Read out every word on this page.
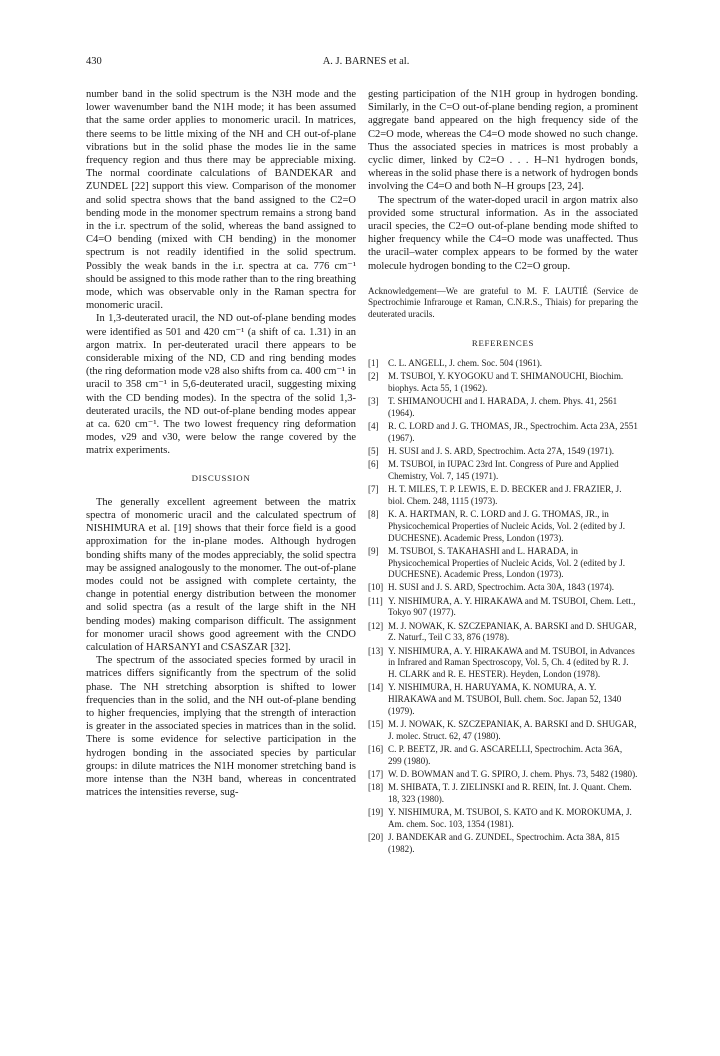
430	A. J. BARNES et al.

number band in the solid spectrum is the N3H mode and the lower wavenumber band the N1H mode; it has been assumed that the same order applies to monomeric uracil. In matrices, there seems to be little mixing of the NH and CH out-of-plane vibrations but in the solid phase the modes lie in the same frequency region and thus there may be appreciable mixing. The normal coordinate calculations of BANDEKAR and ZUNDEL [22] support this view. Comparison of the monomer and solid spectra shows that the band assigned to the C2=O bending mode in the monomer spectrum remains a strong band in the i.r. spectrum of the solid, whereas the band assigned to C4=O bending (mixed with CH bending) in the monomer spectrum is not readily identified in the solid spectrum. Possibly the weak bands in the i.r. spectra at ca. 776 cm⁻¹ should be assigned to this mode rather than to the ring breathing mode, which was observable only in the Raman spectra for monomeric uracil.

In 1,3-deuterated uracil, the ND out-of-plane bending modes were identified as 501 and 420 cm⁻¹ (a shift of ca. 1.31) in an argon matrix. In per-deuterated uracil there appears to be considerable mixing of the ND, CD and ring bending modes (the ring deformation mode ν28 also shifts from ca. 400 cm⁻¹ in uracil to 358 cm⁻¹ in 5,6-deuterated uracil, suggesting mixing with the CD bending modes). In the spectra of the solid 1,3-deuterated uracils, the ND out-of-plane bending modes appear at ca. 620 cm⁻¹. The two lowest frequency ring deformation modes, ν29 and ν30, were below the range covered by the matrix experiments.

DISCUSSION

The generally excellent agreement between the matrix spectra of monomeric uracil and the calculated spectrum of NISHIMURA et al. [19] shows that their force field is a good approximation for the in-plane modes. Although hydrogen bonding shifts many of the modes appreciably, the solid spectra may be assigned analogously to the monomer. The out-of-plane modes could not be assigned with complete certainty, the change in potential energy distribution between the monomer and solid spectra (as a result of the large shift in the NH bending modes) making comparison difficult. The assignment for monomer uracil shows good agreement with the CNDO calculation of HARSANYI and CSASZAR [32].

The spectrum of the associated species formed by uracil in matrices differs significantly from the spectrum of the solid phase. The NH stretching absorption is shifted to lower frequencies than in the solid, and the NH out-of-plane bending to higher frequencies, implying that the strength of interaction is greater in the associated species in matrices than in the solid. There is some evidence for selective participation in the hydrogen bonding in the associated species by particular groups: in dilute matrices the N1H monomer stretching band is more intense than the N3H band, whereas in concentrated matrices the intensities reverse, sug-

gesting participation of the N1H group in hydrogen bonding. Similarly, in the C=O out-of-plane bending region, a prominent aggregate band appeared on the high frequency side of the C2=O mode, whereas the C4=O mode showed no such change. Thus the associated species in matrices is most probably a cyclic dimer, linked by C2=O . . . H–N1 hydrogen bonds, whereas in the solid phase there is a network of hydrogen bonds involving the C4=O and both N–H groups [23, 24].

The spectrum of the water-doped uracil in argon matrix also provided some structural information. As in the associated uracil species, the C2=O out-of-plane bending mode shifted to higher frequency while the C4=O mode was unaffected. Thus the uracil–water complex appears to be formed by the water molecule hydrogen bonding to the C2=O group.

Acknowledgement—We are grateful to M. F. LAUTIÉ (Service de Spectrochimie Infrarouge et Raman, C.N.R.S., Thiais) for preparing the deuterated uracils.

REFERENCES
[1] C. L. ANGELL, J. chem. Soc. 504 (1961).
[2] M. TSUBOI, Y. KYOGOKU and T. SHIMANOUCHI, Biochim. biophys. Acta 55, 1 (1962).
[3] T. SHIMANOUCHI and I. HARADA, J. chem. Phys. 41, 2561 (1964).
[4] R. C. LORD and J. G. THOMAS, JR., Spectrochim. Acta 23A, 2551 (1967).
[5] H. SUSI and J. S. ARD, Spectrochim. Acta 27A, 1549 (1971).
[6] M. TSUBOI, in IUPAC 23rd Int. Congress of Pure and Applied Chemistry, Vol. 7, 145 (1971).
[7] H. T. MILES, T. P. LEWIS, E. D. BECKER and J. FRAZIER, J. biol. Chem. 248, 1115 (1973).
[8] K. A. HARTMAN, R. C. LORD and J. G. THOMAS, JR., in Physicochemical Properties of Nucleic Acids, Vol. 2 (edited by J. DUCHESNE). Academic Press, London (1973).
[9] M. TSUBOI, S. TAKAHASHI and L. HARADA, in Physicochemical Properties of Nucleic Acids, Vol. 2 (edited by J. DUCHESNE). Academic Press, London (1973).
[10] H. SUSI and J. S. ARD, Spectrochim. Acta 30A, 1843 (1974).
[11] Y. NISHIMURA, A. Y. HIRAKAWA and M. TSUBOI, Chem. Lett., Tokyo 907 (1977).
[12] M. J. NOWAK, K. SZCZEPANIAK, A. BARSKI and D. SHUGAR, Z. Naturf., Teil C 33, 876 (1978).
[13] Y. NISHIMURA, A. Y. HIRAKAWA and M. TSUBOI, in Advances in Infrared and Raman Spectroscopy, Vol. 5, Ch. 4 (edited by R. J. H. CLARK and R. E. HESTER). Heyden, London (1978).
[14] Y. NISHIMURA, H. HARUYAMA, K. NOMURA, A. Y. HIRAKAWA and M. TSUBOI, Bull. chem. Soc. Japan 52, 1340 (1979).
[15] M. J. NOWAK, K. SZCZEPANIAK, A. BARSKI and D. SHUGAR, J. molec. Struct. 62, 47 (1980).
[16] C. P. BEETZ, JR. and G. ASCARELLI, Spectrochim. Acta 36A, 299 (1980).
[17] W. D. BOWMAN and T. G. SPIRO, J. chem. Phys. 73, 5482 (1980).
[18] M. SHIBATA, T. J. ZIELINSKI and R. REIN, Int. J. Quant. Chem. 18, 323 (1980).
[19] Y. NISHIMURA, M. TSUBOI, S. KATO and K. MOROKUMA, J. Am. chem. Soc. 103, 1354 (1981).
[20] J. BANDEKAR and G. ZUNDEL, Spectrochim. Acta 38A, 815 (1982).
